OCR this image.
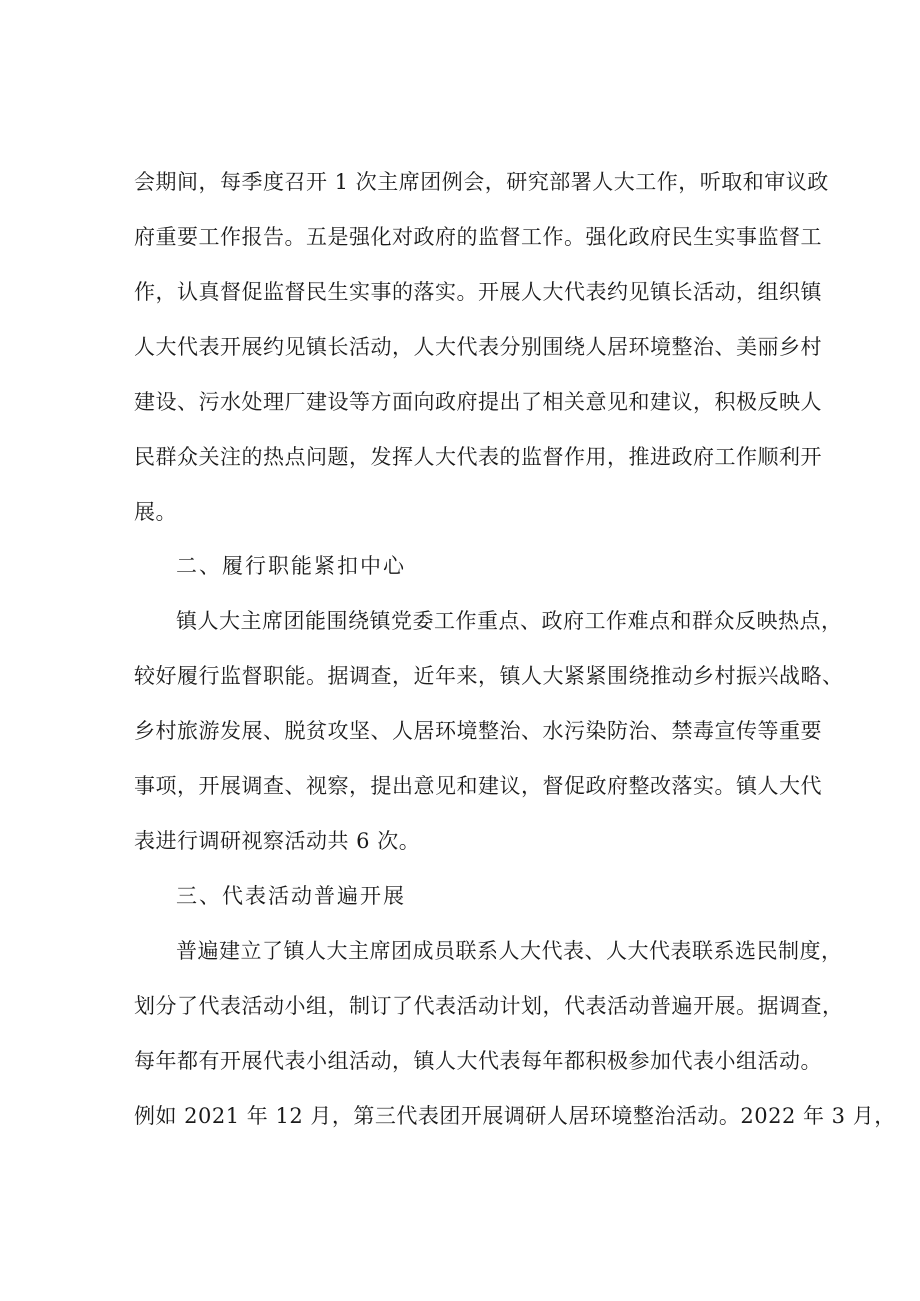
会期间，每季度召开 1 次主席团例会，研究部署人大工作，听取和审议政
府重要工作报告。五是强化对政府的监督工作。强化政府民生实事监督工
作，认真督促监督民生实事的落实。开展人大代表约见镇长活动，组织镇
人大代表开展约见镇长活动，人大代表分别围绕人居环境整治、美丽乡村
建设、污水处理厂建设等方面向政府提出了相关意见和建议，积极反映人
民群众关注的热点问题，发挥人大代表的监督作用，推进政府工作顺利开
展。
二、履行职能紧扣中心
镇人大主席团能围绕镇党委工作重点、政府工作难点和群众反映热点，
较好履行监督职能。据调查，近年来，镇人大紧紧围绕推动乡村振兴战略、
乡村旅游发展、脱贫攻坚、人居环境整治、水污染防治、禁毒宣传等重要
事项，开展调查、视察，提出意见和建议，督促政府整改落实。镇人大代
表进行调研视察活动共 6 次。
三、代表活动普遍开展
普遍建立了镇人大主席团成员联系人大代表、人大代表联系选民制度，
划分了代表活动小组，制订了代表活动计划，代表活动普遍开展。据调查，
每年都有开展代表小组活动，镇人大代表每年都积极参加代表小组活动。
例如 2021 年 12 月，第三代表团开展调研人居环境整治活动。2022 年 3 月，
